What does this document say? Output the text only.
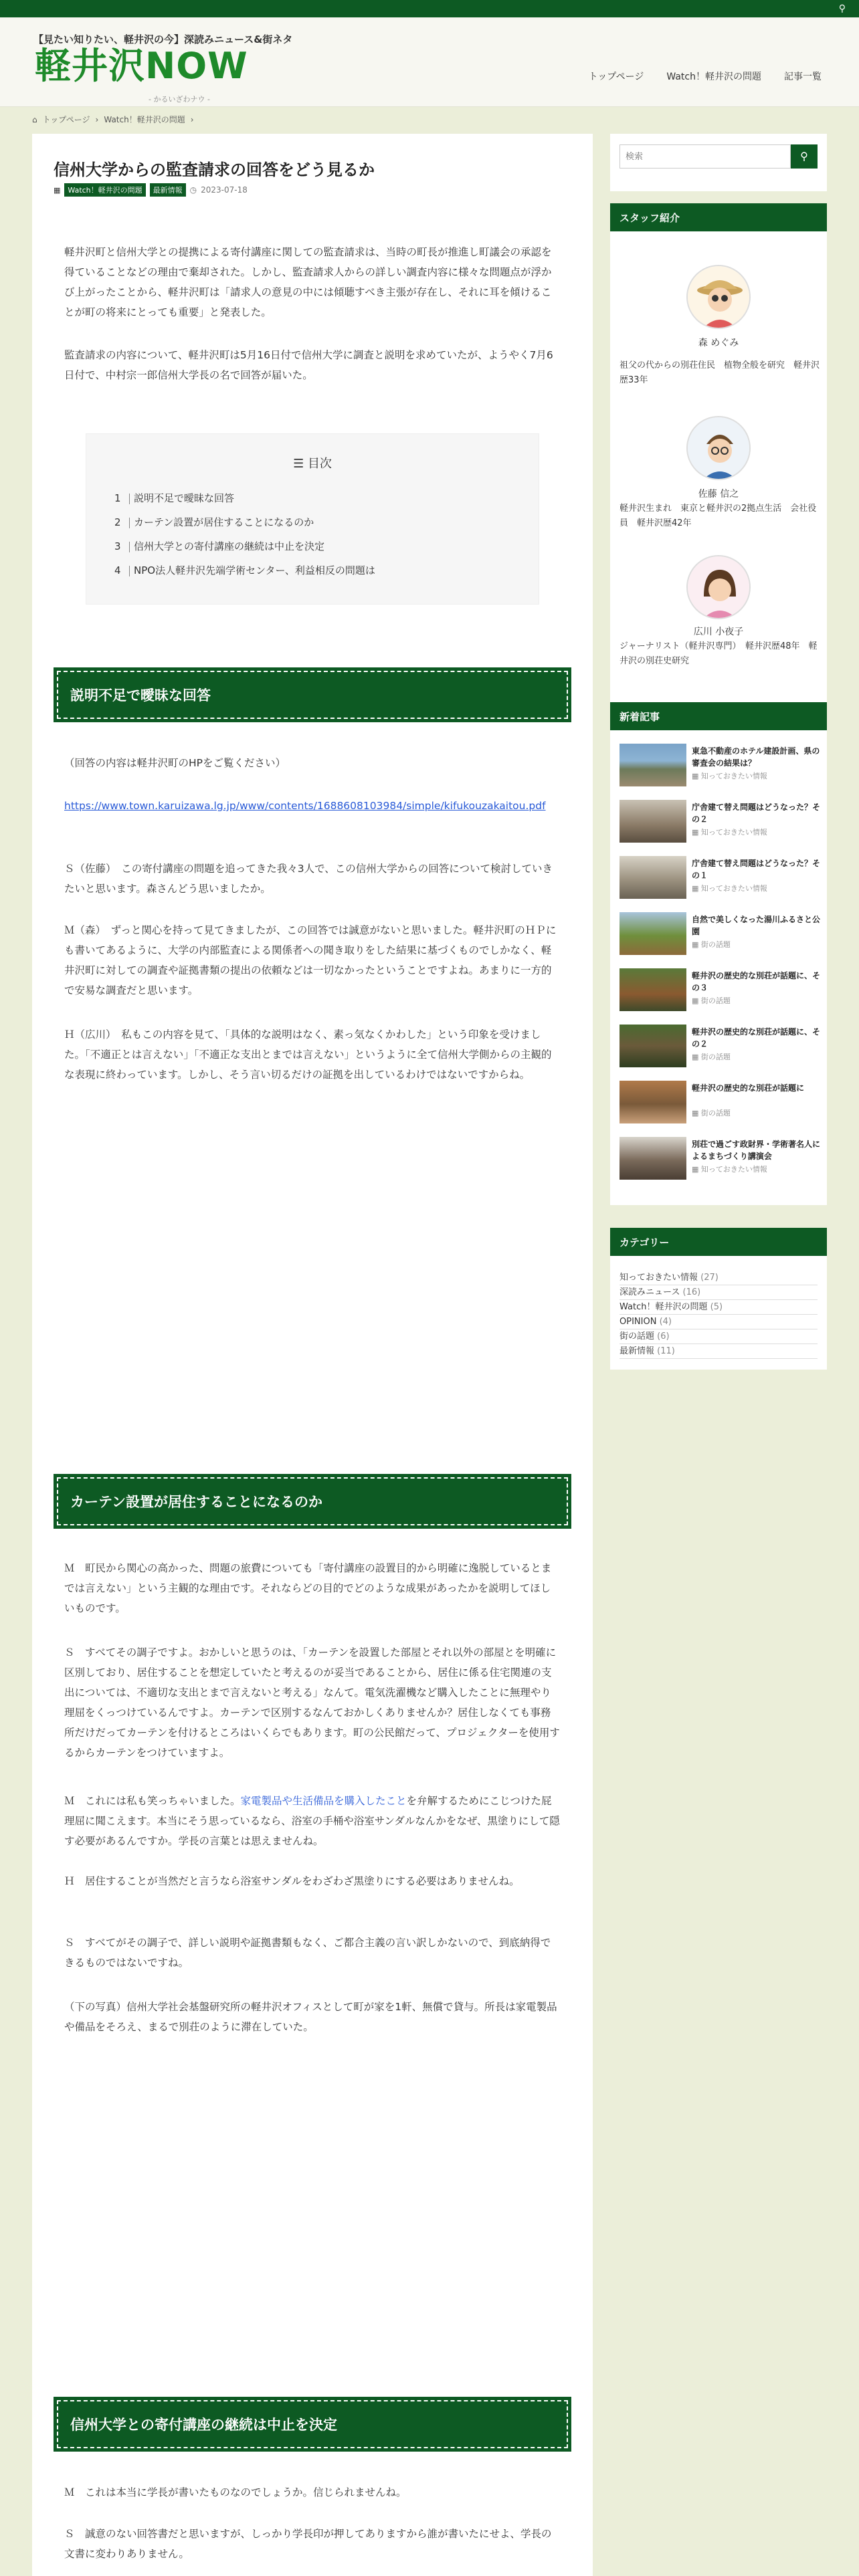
⚲
【見たい知りたい、軽井沢の今】深読みニュース&街ネタ
軽井沢NOW
- かるいざわナウ -
トップページ Watch！軽井沢の問題 記事一覧
⌂ トップページ › Watch！軽井沢の問題 ›
信州大学からの監査請求の回答をどう見るか
▦	Watch！軽井沢の問題	最新情報 ◷ 2023-07-18

軽井沢町と信州大学との提携による寄付講座に関しての監査請求は、当時の町長が推進し町議会の承認を得ていることなどの理由で棄却された。しかし、監査請求人からの詳しい調査内容に様々な問題点が浮かび上がったことから、軽井沢町は「請求人の意見の中には傾聴すべき主張が存在し、それに耳を傾けることが町の将来にとっても重要」と発表した。

監査請求の内容について、軽井沢町は5月16日付で信州大学に調査と説明を求めていたが、ようやく7月6日付で、中村宗一郎信州大学長の名で回答が届いた。

☰ 目次
1 説明不足で曖昧な回答
2 カーテン設置が居住することになるのか
3 信州大学との寄付講座の継続は中止を決定
4 NPO法人軽井沢先端学術センター、利益相反の問題は
説明不足で曖昧な回答

（回答の内容は軽井沢町のHPをご覧ください）

https://www.town.karuizawa.lg.jp/www/contents/1688608103984/simple/kifukouzakaitou.pdf

Ｓ（佐藤）　この寄付講座の問題を追ってきた我々3人で、この信州大学からの回答について検討していきたいと思います。森さんどう思いましたか。

Ｍ（森）　ずっと関心を持って見てきましたが、この回答では誠意がないと思いました。軽井沢町のＨＰにも書いてあるように、大学の内部監査による関係者への聞き取りをした結果に基づくものでしかなく、軽井沢町に対しての調査や証拠書類の提出の依頼などは一切なかったということですよね。あまりに一方的で安易な調査だと思います。

Ｈ（広川）　私もこの内容を見て、「具体的な説明はなく、素っ気なくかわした」という印象を受けました。「不適正とは言えない」「不適正な支出とまでは言えない」というように全て信州大学側からの主観的な表現に終わっています。しかし、そう言い切るだけの証拠を出しているわけではないですからね。

カーテン設置が居住することになるのか

Ｍ　町民から関心の高かった、問題の旅費についても「寄付講座の設置目的から明確に逸脱しているとまでは言えない」という主観的な理由です。それならどの目的でどのような成果があったかを説明してほしいものです。

Ｓ　すべてその調子ですよ。おかしいと思うのは、「カーテンを設置した部屋とそれ以外の部屋とを明確に区別しており、居住することを想定していたと考えるのが妥当であることから、居住に係る住宅関連の支出については、不適切な支出とまで言えないと考える」なんて。電気洗濯機など購入したことに無理やり理屈をくっつけているんですよ。カーテンで区別するなんておかしくありませんか？居住しなくても事務所だけだってカーテンを付けるところはいくらでもあります。町の公民館だって、プロジェクターを使用するからカーテンをつけていますよ。

Ｍ　これには私も笑っちゃいました。家電製品や生活備品を購入したことを弁解するためにこじつけた屁理屈に聞こえます。本当にそう思っているなら、浴室の手桶や浴室サンダルなんかをなぜ、黒塗りにして隠す必要があるんですか。学長の言葉とは思えませんね。

Ｈ　居住することが当然だと言うなら浴室サンダルをわざわざ黒塗りにする必要はありませんね。

Ｓ　すべてがその調子で、詳しい説明や証拠書類もなく、ご都合主義の言い訳しかないので、到底納得できるものではないですね。

（下の写真）信州大学社会基盤研究所の軽井沢オフィスとして町が家を1軒、無償で貸与。所長は家電製品や備品をそろえ、まるで別荘のように滞在していた。

信州大学との寄付講座の継続は中止を決定

Ｍ　これは本当に学長が書いたものなのでしょうか。信じられませんね。

Ｓ　誠意のない回答書だと思いますが、しっかり学長印が押してありますから誰が書いたにせよ、学長の文書に変わりありません。

検索
⚲
スタッフ紹介
森 めぐみ
祖父の代からの別荘住民　植物全般を研究　軽井沢歴33年
佐藤 信之
軽井沢生まれ　東京と軽井沢の2拠点生活　会社役員　軽井沢歴42年
広川 小夜子
ジャーナリスト（軽井沢専門）　軽井沢歴48年　軽井沢の別荘史研究
新着記事
東急不動産のホテル建設計画、県の審査会の結果は？
▦ 知っておきたい情報
庁舎建て替え問題はどうなった？その２
▦ 知っておきたい情報
庁舎建て替え問題はどうなった？その１
▦ 知っておきたい情報
自然で美しくなった湯川ふるさと公園
▦ 街の話題
軽井沢の歴史的な別荘が話題に、その３
▦ 街の話題
軽井沢の歴史的な別荘が話題に、その２
▦ 街の話題
軽井沢の歴史的な別荘が話題に
▦ 街の話題
別荘で過ごす政財界・学術著名人によるまちづくり講演会
▦ 知っておきたい情報
カテゴリー
知っておきたい情報 (27)
深読みニュース (16)
Watch！軽井沢の問題 (5)
OPINION (4)
街の話題 (6)
最新情報 (11)
